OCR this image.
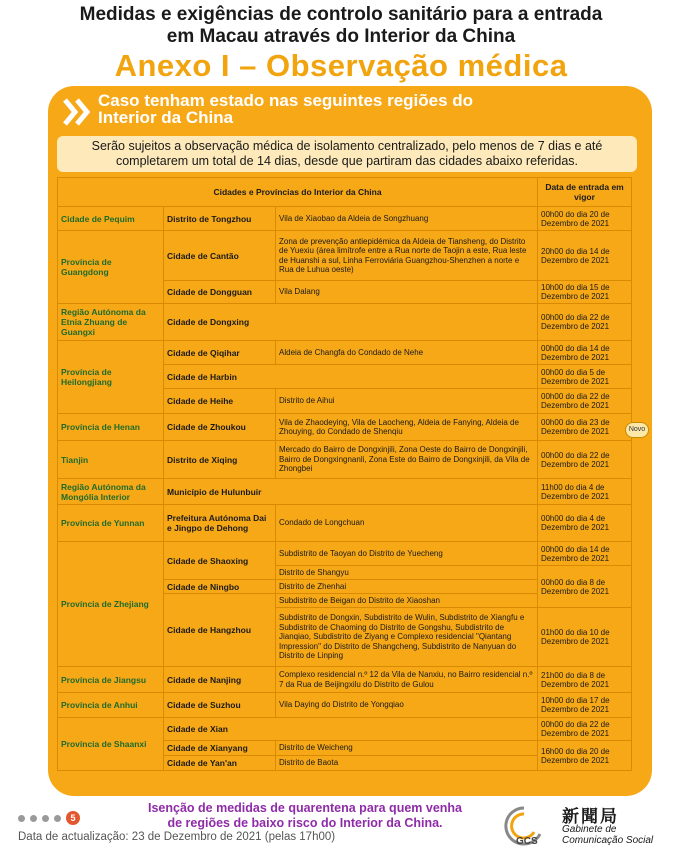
Medidas e exigências de controlo sanitário para a entrada
em Macau através do Interior da China
Anexo I – Observação médica
Caso tenham estado nas seguintes regiões do
Interior da China
Serão sujeitos a observação médica de isolamento centralizado, pelo menos de 7 dias e até
completarem um total de 14 dias, desde que partiram das cidades abaixo referidas.
Cidades e Províncias do Interior da China			Data de entrada em vigor
Cidade de Pequim	Distrito de Tongzhou	Vila de Xiaobao da Aldeia de Songzhuang	00h00 do dia 20 de Dezembro de 2021
Província de Guangdong	Cidade de Cantão	Zona de prevenção antiepidémica da Aldeia de Tiansheng, do Distrito de Yuexiu (área limítrofe entre a Rua norte de Taojin a este, Rua leste de Huanshi a sul, Linha Ferroviária Guangzhou-Shenzhen a norte e Rua de Luhua oeste)	20h00 do dia 14 de Dezembro de 2021
	Cidade de Dongguan	Vila Dalang	10h00 do dia 15 de Dezembro de 2021
Região Autónoma da Etnia Zhuang de Guangxi	Cidade de Dongxing		00h00 do dia 22 de Dezembro de 2021
Província de Heilongjiang	Cidade de Qiqihar	Aldeia de Changfa do Condado de Nehe	00h00 do dia 14 de Dezembro de 2021
	Cidade de Harbin		00h00 do dia 5 de Dezembro de 2021
	Cidade de Heihe	Distrito de Aihui	00h00 do dia 22 de Dezembro de 2021
Província de Henan	Cidade de Zhoukou	Vila de Zhaodeying, Vila de Laocheng, Aldeia de Fanying, Aldeia de Zhouying, do Condado de Shenqiu	00h00 do dia 23 de Dezembro de 2021
Tianjin	Distrito de Xiqing	Mercado do Bairro de Dongxinjili, Zona Oeste do Bairro de Dongxinjili, Bairro de Dongxingnanli, Zona Este do Bairro de Dongxinjili, da Vila de Zhongbei	00h00 do dia 22 de Dezembro de 2021
Região Autónoma da Mongólia Interior	Município de Hulunbuir		11h00 do dia 4 de Dezembro de 2021
Província de Yunnan	Prefeitura Autónoma Dai e Jingpo de Dehong	Condado de Longchuan	00h00 do dia 4 de Dezembro de 2021
Província de Zhejiang	Cidade de Shaoxing	Subdistrito de Taoyan do Distrito de Yuecheng	00h00 do dia 14 de Dezembro de 2021
		Distrito de Shangyu	00h00 do dia 8 de Dezembro de 2021
	Cidade de Ningbo	Distrito de Zhenhai	
	Cidade de Hangzhou	Subdistrito de Beigan do Distrito de Xiaoshan	
		Subdistrito de Dongxin, Subdistrito de Wulin, Subdistrito de Xiangfu e Subdistrito de Chaoming do Distrito de Gongshu, Subdistrito de Jianqiao, Subdistrito de Ziyang e Complexo residencial "Qiantang Impression" do Distrito de Shangcheng, Subdistrito de Nanyuan do Distrito de Linping	01h00 do dia 10 de Dezembro de 2021
Província de Jiangsu	Cidade de Nanjing	Complexo residencial n.º 12 da Vila de Nanxiu, no Bairro residencial n.º 7 da Rua de Beijingxilu do Distrito de Gulou	21h00 do dia 8 de Dezembro de 2021
Província de Anhui	Cidade de Suzhou	Vila Daying do Distrito de Yongqiao	10h00 do dia 17 de Dezembro de 2021
Província de Shaanxi	Cidade de Xian		00h00 do dia 22 de Dezembro de 2021
	Cidade de Xianyang	Distrito de Weicheng	16h00 do dia 20 de Dezembro de 2021
	Cidade de Yan'an	Distrito de Baota	
Novo
5
Data de actualização: 23 de Dezembro de 2021 (pelas 17h00)
Isenção de medidas de quarentena para quem venha
de regiões de baixo risco do Interior da China.
GCS
新聞局
Gabinete de
Comunicação Social
